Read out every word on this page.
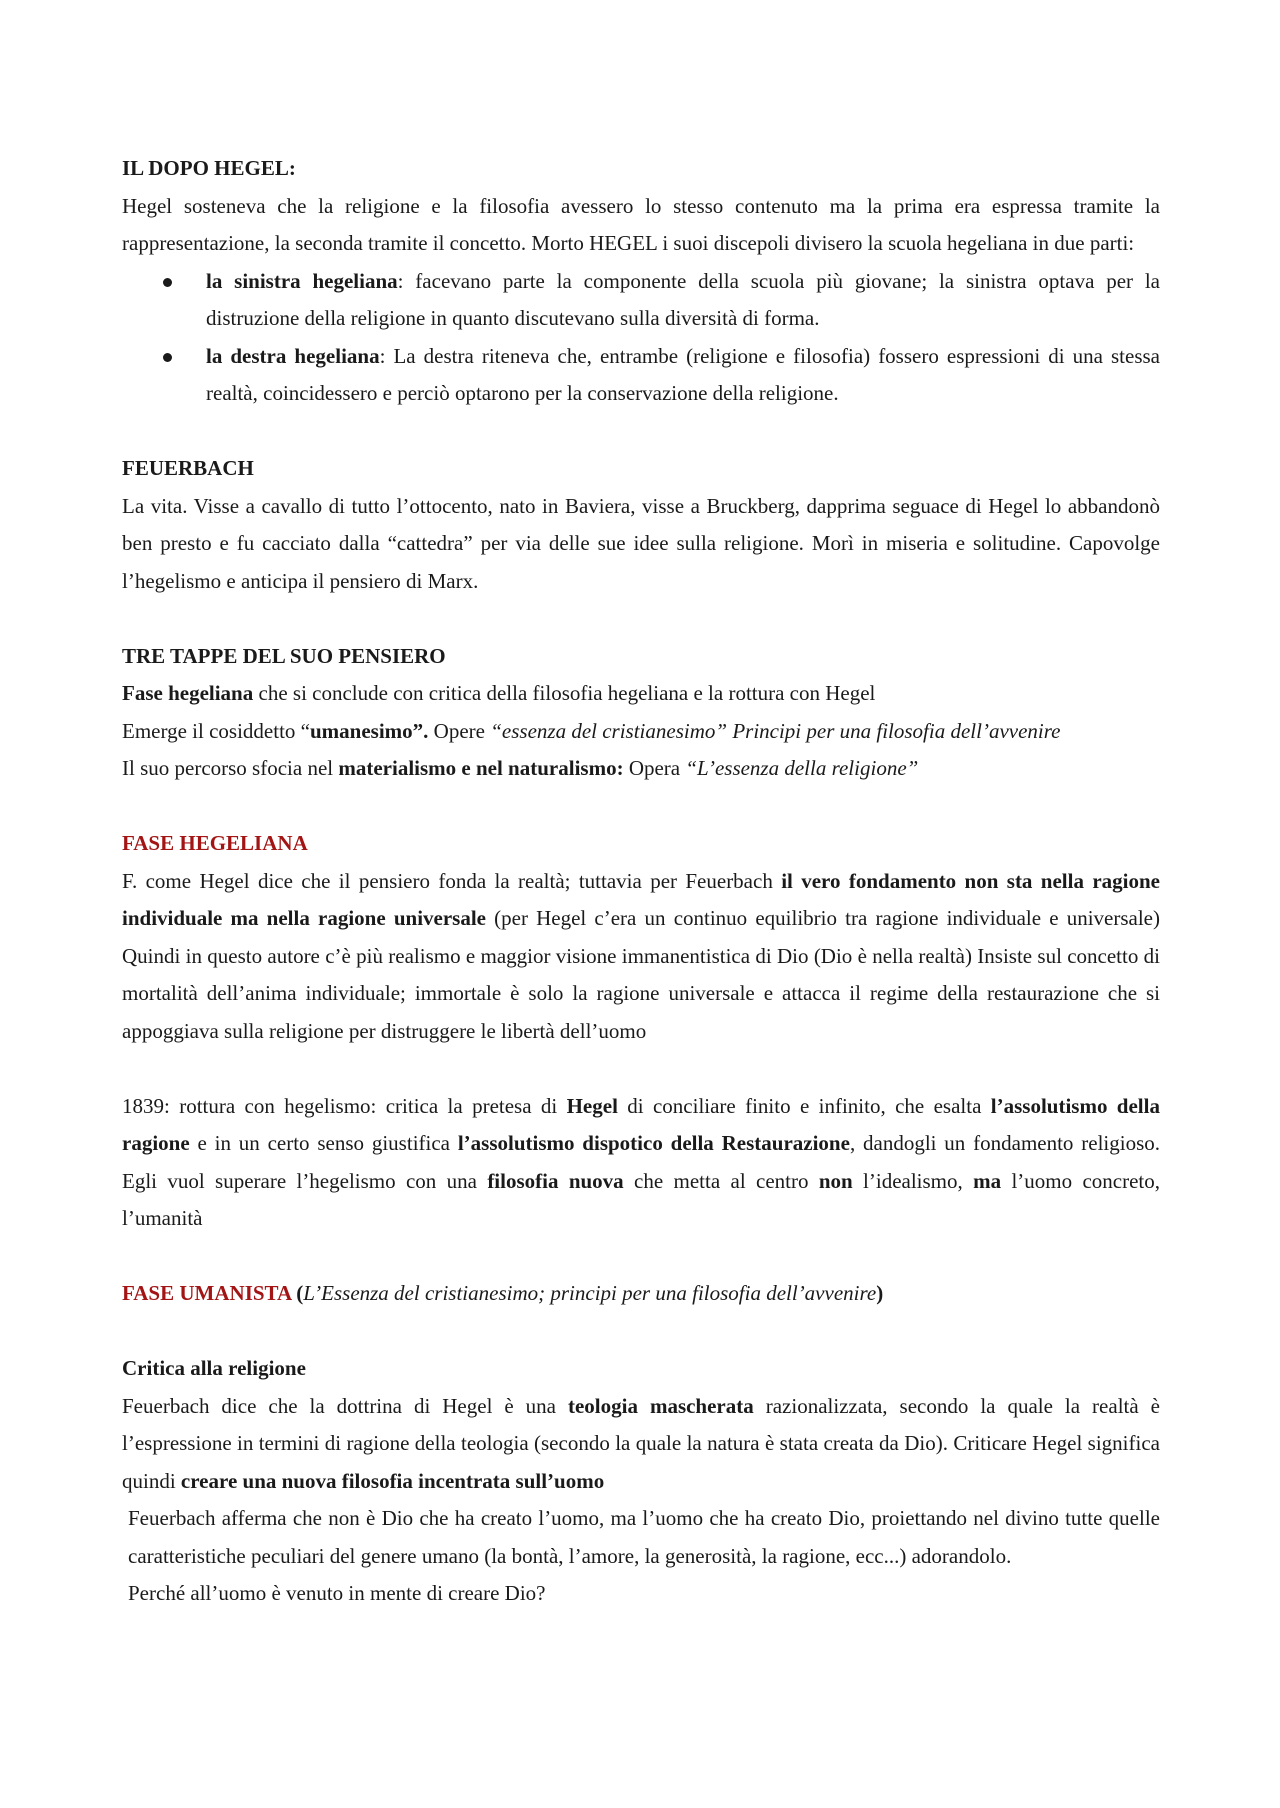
IL DOPO HEGEL:

Hegel sosteneva che la religione e la filosofia avessero lo stesso contenuto ma la prima era espressa tramite la rappresentazione, la seconda tramite il concetto. Morto HEGEL i suoi discepoli divisero la scuola hegeliana in due parti:

la sinistra hegeliana: facevano parte la componente della scuola più giovane; la sinistra optava per la distruzione della religione in quanto discutevano sulla diversità di forma.
la destra hegeliana: La destra riteneva che, entrambe (religione e filosofia) fossero espressioni di una stessa realtà, coincidessero e perciò optarono per la conservazione della religione.
FEUERBACH

La vita. Visse a cavallo di tutto l’ottocento, nato in Baviera, visse a Bruckberg, dapprima seguace di Hegel lo abbandonò ben presto e fu cacciato dalla “cattedra” per via delle sue idee sulla religione. Morì in miseria e solitudine. Capovolge l’hegelismo e anticipa il pensiero di Marx.

TRE TAPPE DEL SUO PENSIERO

Fase hegeliana che si conclude con critica della filosofia hegeliana e la rottura con Hegel

Emerge il cosiddetto “umanesimo”. Opere “essenza del cristianesimo” Principi per una filosofia dell’avvenire

Il suo percorso sfocia nel materialismo e nel naturalismo: Opera “L’essenza della religione”

FASE HEGELIANA

F. come Hegel dice che il pensiero fonda la realtà; tuttavia per Feuerbach il vero fondamento non sta nella ragione individuale ma nella ragione universale (per Hegel c’era un continuo equilibrio tra ragione individuale e universale) Quindi in questo autore c’è più realismo e maggior visione immanentistica di Dio (Dio è nella realtà) Insiste sul concetto di mortalità dell’anima individuale; immortale è solo la ragione universale e attacca il regime della restaurazione che si appoggiava sulla religione per distruggere le libertà dell’uomo

1839: rottura con hegelismo: critica la pretesa di Hegel di conciliare finito e infinito, che esalta l’assolutismo della ragione e in un certo senso giustifica l’assolutismo dispotico della Restaurazione, dandogli un fondamento religioso. Egli vuol superare l’hegelismo con una filosofia nuova che metta al centro non l’idealismo, ma l’uomo concreto, l’umanità

FASE UMANISTA (L’Essenza del cristianesimo; principi per una filosofia dell’avvenire)

Critica alla religione

Feuerbach dice che la dottrina di Hegel è una teologia mascherata razionalizzata, secondo la quale la realtà è l’espressione in termini di ragione della teologia (secondo la quale la natura è stata creata da Dio). Criticare Hegel significa quindi creare una nuova filosofia incentrata sull’uomo

Feuerbach afferma che non è Dio che ha creato l’uomo, ma l’uomo che ha creato Dio, proiettando nel divino tutte quelle caratteristiche peculiari del genere umano (la bontà, l’amore, la generosità, la ragione, ecc...) adorandolo.

Perché all’uomo è venuto in mente di creare Dio?
